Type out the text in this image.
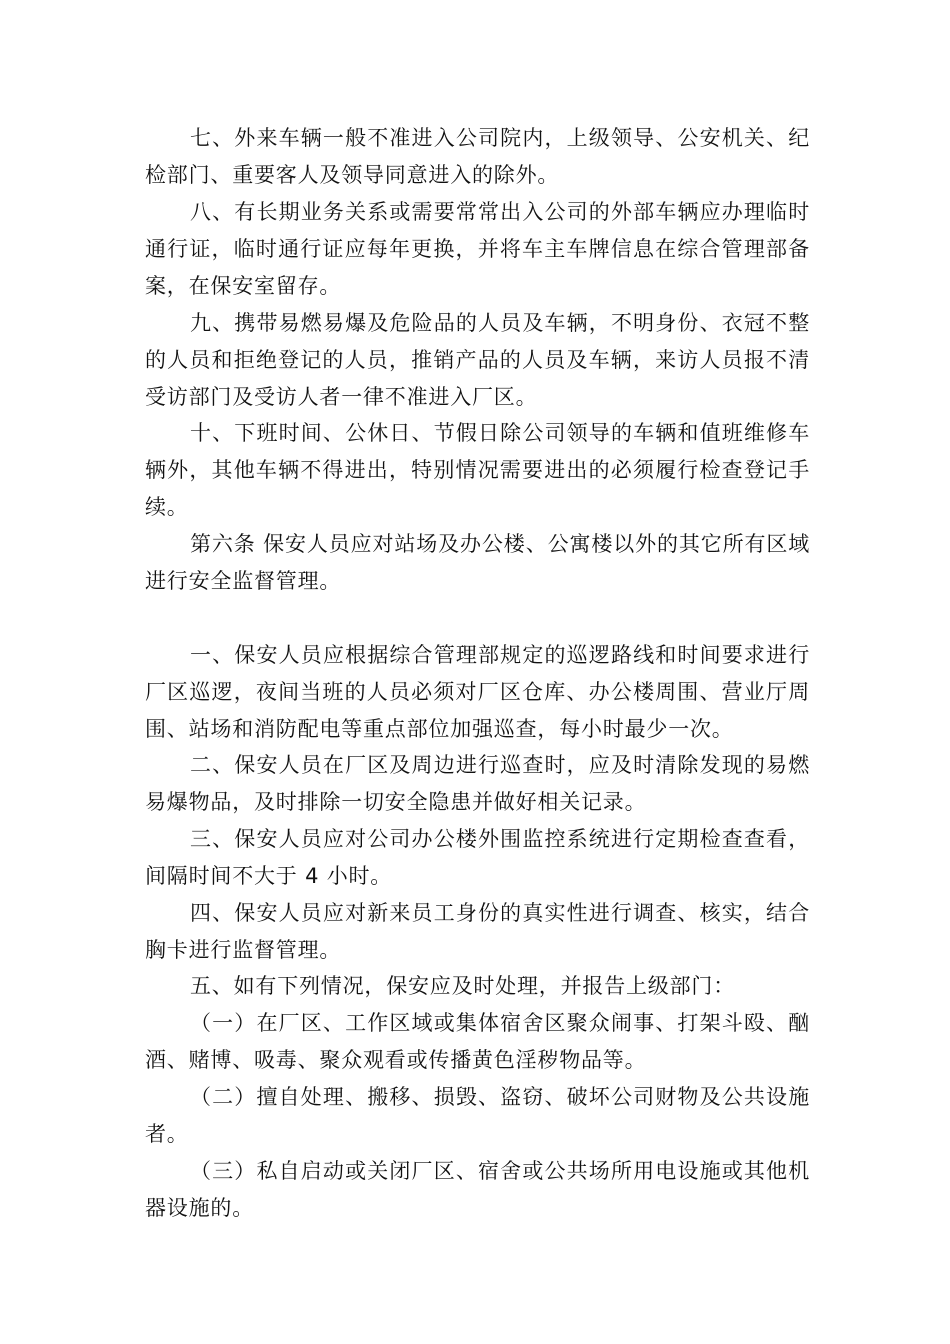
七、外来车辆一般不准进入公司院内，上级领导、公安机关、纪检部门、重要客人及领导同意进入的除外。

八、有长期业务关系或需要常常出入公司的外部车辆应办理临时通行证，临时通行证应每年更换，并将车主车牌信息在综合管理部备案，在保安室留存。

九、携带易燃易爆及危险品的人员及车辆，不明身份、衣冠不整的人员和拒绝登记的人员，推销产品的人员及车辆，来访人员报不清受访部门及受访人者一律不准进入厂区。

十、下班时间、公休日、节假日除公司领导的车辆和值班维修车辆外，其他车辆不得进出，特别情况需要进出的必须履行检查登记手续。

第六条 保安人员应对站场及办公楼、公寓楼以外的其它所有区域进行安全监督管理。

一、保安人员应根据综合管理部规定的巡逻路线和时间要求进行厂区巡逻，夜间当班的人员必须对厂区仓库、办公楼周围、营业厅周围、站场和消防配电等重点部位加强巡查，每小时最少一次。

二、保安人员在厂区及周边进行巡查时，应及时清除发现的易燃易爆物品，及时排除一切安全隐患并做好相关记录。

三、保安人员应对公司办公楼外围监控系统进行定期检查查看，间隔时间不大于 4 小时。

四、保安人员应对新来员工身份的真实性进行调查、核实，结合胸卡进行监督管理。

五、如有下列情况，保安应及时处理，并报告上级部门：

（一）在厂区、工作区域或集体宿舍区聚众闹事、打架斗殴、酗酒、赌博、吸毒、聚众观看或传播黄色淫秽物品等。

（二）擅自处理、搬移、损毁、盗窃、破坏公司财物及公共设施者。

（三）私自启动或关闭厂区、宿舍或公共场所用电设施或其他机器设施的。
